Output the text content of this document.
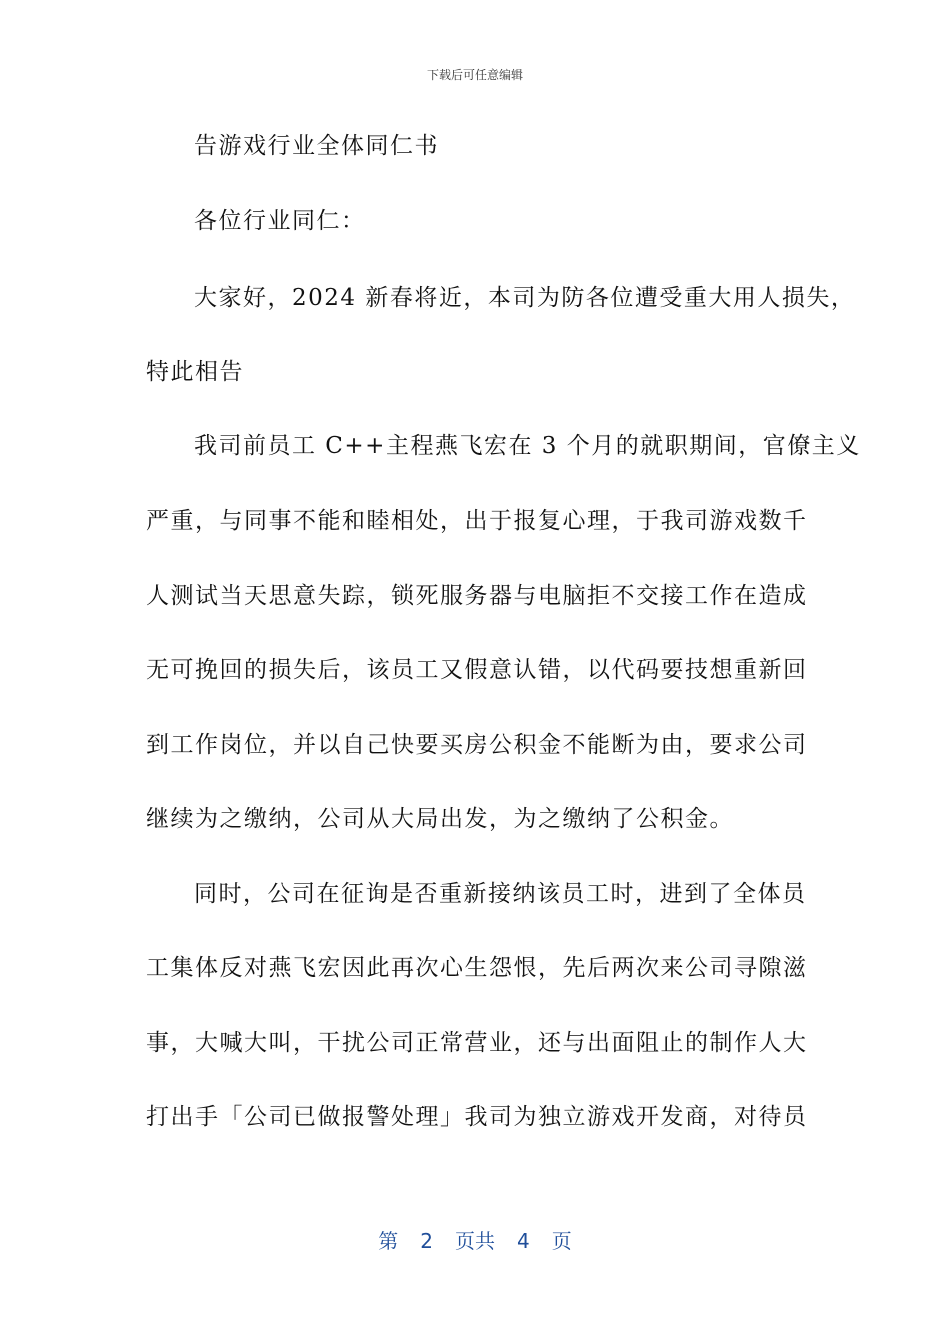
下载后可任意编辑
告游戏行业全体同仁书
各位行业同仁：
大家好，2024 新春将近，本司为防各位遭受重大用人损失，
特此相告
我司前员工 C++主程燕飞宏在 3 个月的就职期间，官僚主义
严重，与同事不能和睦相处，出于报复心理，于我司游戏数千
人测试当天思意失踪，锁死服务器与电脑拒不交接工作在造成
无可挽回的损失后，该员工又假意认错，以代码要技想重新回
到工作岗位，并以自己快要买房公积金不能断为由，要求公司
继续为之缴纳，公司从大局出发，为之缴纳了公积金。
同时，公司在征询是否重新接纳该员工时，进到了全体员
工集体反对燕飞宏因此再次心生怨恨，先后两次来公司寻隙滋
事，大喊大叫，干扰公司正常营业，还与出面阻止的制作人大
打出手「公司已做报警处理」我司为独立游戏开发商，对待员
第 2 页共 4 页
